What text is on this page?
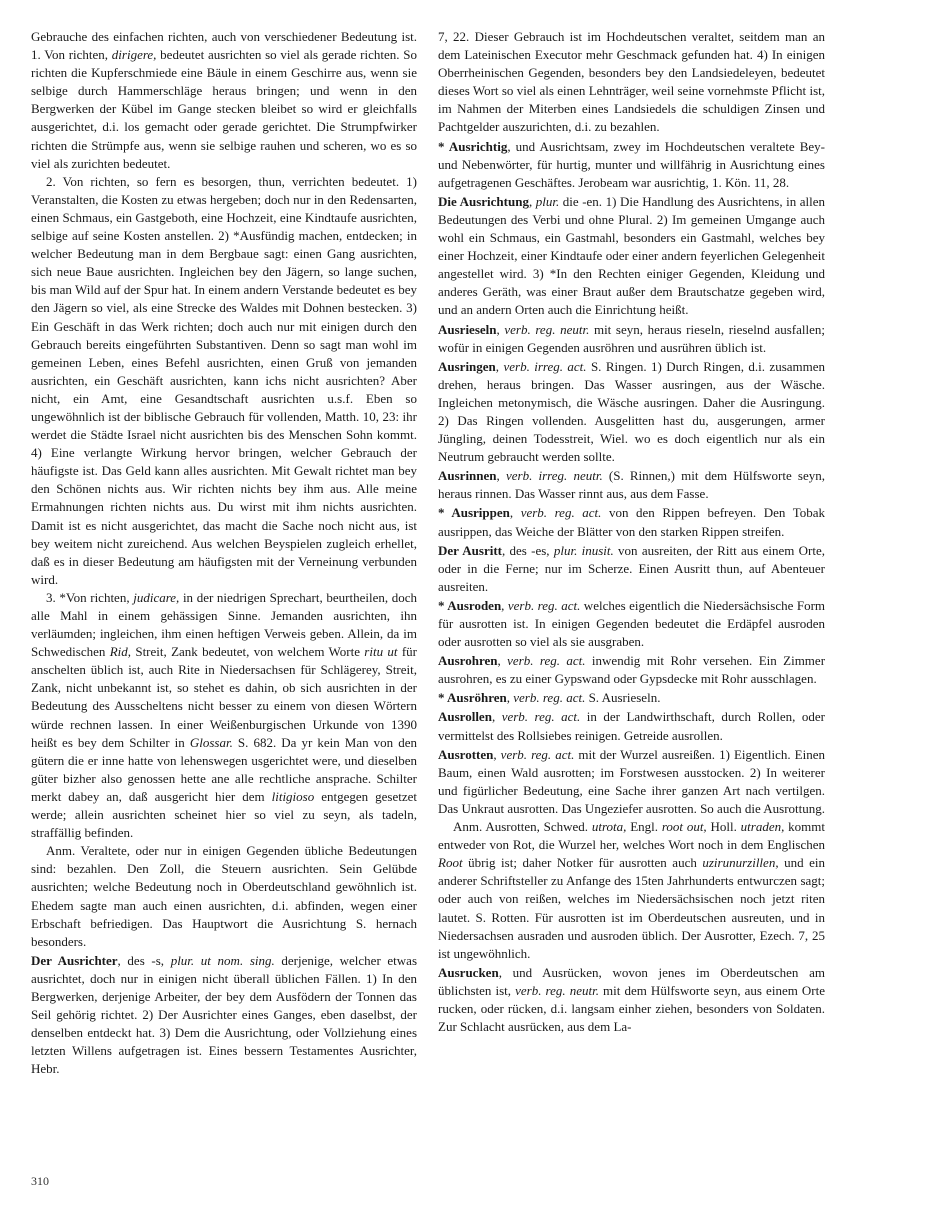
Gebrauche des einfachen richten, auch von verschiedener Bedeutung ist. 1. Von richten, dirigere, bedeutet ausrichten so viel als gerade richten. So richten die Kupferschmiede eine Bäule in einem Geschirre aus, wenn sie selbige durch Hammerschläge heraus bringen; und wenn in den Bergwerken der Kübel im Gange stecken bleibet so wird er gleichfalls ausgerichtet, d.i. los gemacht oder gerade gerichtet. Die Strumpfwirker richten die Strümpfe aus, wenn sie selbige rauhen und scheren, wo es so viel als zurichten bedeutet.

2. Von richten, so fern es besorgen, thun, verrichten bedeutet. 1) Veranstalten, die Kosten zu etwas hergeben; doch nur in den Redensarten, einen Schmaus, ein Gastgeboth, eine Hochzeit, eine Kindtaufe ausrichten, selbige auf seine Kosten anstellen. 2) *Ausfündig machen, entdecken; in welcher Bedeutung man in dem Bergbaue sagt: einen Gang ausrichten, sich neue Baue ausrichten. Ingleichen bey den Jägern, so lange suchen, bis man Wild auf der Spur hat. In einem andern Verstande bedeutet es bey den Jägern so viel, als eine Strecke des Waldes mit Dohnen bestecken. 3) Ein Geschäft in das Werk richten; doch auch nur mit einigen durch den Gebrauch bereits eingeführten Substantiven. Denn so sagt man wohl im gemeinen Leben, eines Befehl ausrichten, einen Gruß von jemanden ausrichten, ein Geschäft ausrichten, kann ichs nicht ausrichten? Aber nicht, ein Amt, eine Gesandtschaft ausrichten u.s.f. Eben so ungewöhnlich ist der biblische Gebrauch für vollenden, Matth. 10, 23: ihr werdet die Städte Israel nicht ausrichten bis des Menschen Sohn kommt. 4) Eine verlangte Wirkung hervor bringen, welcher Gebrauch der häufigste ist. Das Geld kann alles ausrichten. Mit Gewalt richtet man bey den Schönen nichts aus. Wir richten nichts bey ihm aus. Alle meine Ermahnungen richten nichts aus. Du wirst mit ihm nichts ausrichten. Damit ist es nicht ausgerichtet, das macht die Sache noch nicht aus, ist bey weitem nicht zureichend. Aus welchen Beyspielen zugleich erhellet, daß es in dieser Bedeutung am häufigsten mit der Verneinung verbunden wird.

3. *Von richten, judicare, in der niedrigen Sprechart, beurtheilen, doch alle Mahl in einem gehässigen Sinne. Jemanden ausrichten, ihn verläumden; ingleichen, ihm einen heftigen Verweis geben. Allein, da im Schwedischen Rid, Streit, Zank bedeutet, von welchem Worte ritu ut für anschelten üblich ist, auch Rite in Niedersachsen für Schlägerey, Streit, Zank, nicht unbekannt ist, so stehet es dahin, ob sich ausrichten in der Bedeutung des Ausscheltens nicht besser zu einem von diesen Wörtern würde rechnen lassen. In einer Weißenburgischen Urkunde von 1390 heißt es bey dem Schilter in Glossar. S. 682. Da yr kein Man von den gütern die er inne hatte von lehenswegen usgerichtet were, und dieselben güter bizher also genossen hette ane alle rechtliche ansprache. Schilter merkt dabey an, daß ausgericht hier dem litigioso entgegen gesetzet werde; allein ausrichten scheinet hier so viel zu seyn, als tadeln, straffällig befinden.

Anm. Veraltete, oder nur in einigen Gegenden übliche Bedeutungen sind: bezahlen. Den Zoll, die Steuern ausrichten. Sein Gelübde ausrichten; welche Bedeutung noch in Oberdeutschland gewöhnlich ist. Ehedem sagte man auch einen ausrichten, d.i. abfinden, wegen einer Erbschaft befriedigen. Das Hauptwort die Ausrichtung S. hernach besonders.

Der Ausrichter, des -s, plur. ut nom. sing. derjenige, welcher etwas ausrichtet, doch nur in einigen nicht überall üblichen Fällen. 1) In den Bergwerken, derjenige Arbeiter, der bey dem Ausfödern der Tonnen das Seil gehörig richtet. 2) Der Ausrichter eines Ganges, eben daselbst, der denselben entdeckt hat. 3) Dem die Ausrichtung, oder Vollziehung eines letzten Willens aufgetragen ist. Eines bessern Testamentes Ausrichter, Hebr.

7, 22. Dieser Gebrauch ist im Hochdeutschen veraltet, seitdem man an dem Lateinischen Executor mehr Geschmack gefunden hat. 4) In einigen Oberrheinischen Gegenden, besonders bey den Landsiedeleyen, bedeutet dieses Wort so viel als einen Lehnträger, weil seine vornehmste Pflicht ist, im Nahmen der Miterben eines Landsiedels die schuldigen Zinsen und Pachtgelder auszurichten, d.i. zu bezahlen.

* Ausrichtig, und Ausrichtsam, zwey im Hochdeutschen veraltete Bey- und Nebenwörter, für hurtig, munter und willfährig in Ausrichtung eines aufgetragenen Geschäftes. Jerobeam war ausrichtig, 1. Kön. 11, 28.

Die Ausrichtung, plur. die -en. 1) Die Handlung des Ausrichtens, in allen Bedeutungen des Verbi und ohne Plural. 2) Im gemeinen Umgange auch wohl ein Schmaus, ein Gastmahl, besonders ein Gastmahl, welches bey einer Hochzeit, einer Kindtaufe oder einer andern feyerlichen Gelegenheit angestellet wird. 3) *In den Rechten einiger Gegenden, Kleidung und anderes Geräth, was einer Braut außer dem Brautschatze gegeben wird, und an andern Orten auch die Einrichtung heißt.

Ausrieseln, verb. reg. neutr. mit seyn, heraus rieseln, rieselnd ausfallen; wofür in einigen Gegenden ausröhren und ausrühren üblich ist.

Ausringen, verb. irreg. act. S. Ringen. 1) Durch Ringen, d.i. zusammen drehen, heraus bringen. Das Wasser ausringen, aus der Wäsche. Ingleichen metonymisch, die Wäsche ausringen. Daher die Ausringung. 2) Das Ringen vollenden. Ausgelitten hast du, ausgerungen, armer Jüngling, deinen Todesstreit, Wiel. wo es doch eigentlich nur als ein Neutrum gebraucht werden sollte.

Ausrinnen, verb. irreg. neutr. (S. Rinnen,) mit dem Hülfsworte seyn, heraus rinnen. Das Wasser rinnt aus, aus dem Fasse.

* Ausrippen, verb. reg. act. von den Rippen befreyen. Den Tobak ausrippen, das Weiche der Blätter von den starken Rippen streifen.

Der Ausritt, des -es, plur. inusit. von ausreiten, der Ritt aus einem Orte, oder in die Ferne; nur im Scherze. Einen Ausritt thun, auf Abenteuer ausreiten.

* Ausroden, verb. reg. act. welches eigentlich die Niedersächsische Form für ausrotten ist. In einigen Gegenden bedeutet die Erdäpfel ausroden oder ausrotten so viel als sie ausgraben.

Ausrohren, verb. reg. act. inwendig mit Rohr versehen. Ein Zimmer ausrohren, es zu einer Gypswand oder Gypsdecke mit Rohr ausschlagen.

* Ausröhren, verb. reg. act. S. Ausrieseln.

Ausrollen, verb. reg. act. in der Landwirthschaft, durch Rollen, oder vermittelst des Rollsiebes reinigen. Getreide ausrollen.

Ausrotten, verb. reg. act. mit der Wurzel ausreißen. 1) Eigentlich. Einen Baum, einen Wald ausrotten; im Forstwesen ausstocken. 2) In weiterer und figürlicher Bedeutung, eine Sache ihrer ganzen Art nach vertilgen. Das Unkraut ausrotten. Das Ungeziefer ausrotten. So auch die Ausrottung.

Anm. Ausrotten, Schwed. utrota, Engl. root out, Holl. utraden, kommt entweder von Rot, die Wurzel her, welches Wort noch in dem Englischen Root übrig ist; daher Notker für ausrotten auch uzirunurzillen, und ein anderer Schriftsteller zu Anfange des 15ten Jahrhunderts entwurczen sagt; oder auch von reißen, welches im Niedersächsischen noch jetzt riten lautet. S. Rotten. Für ausrotten ist im Oberdeutschen ausreuten, und in Niedersachsen ausraden und ausroden üblich. Der Ausrotter, Ezech. 7, 25 ist ungewöhnlich.

Ausrucken, und Ausrücken, wovon jenes im Oberdeutschen am üblichsten ist, verb. reg. neutr. mit dem Hülfsworte seyn, aus einem Orte rucken, oder rücken, d.i. langsam einher ziehen, besonders von Soldaten. Zur Schlacht ausrücken, aus dem La-

310
